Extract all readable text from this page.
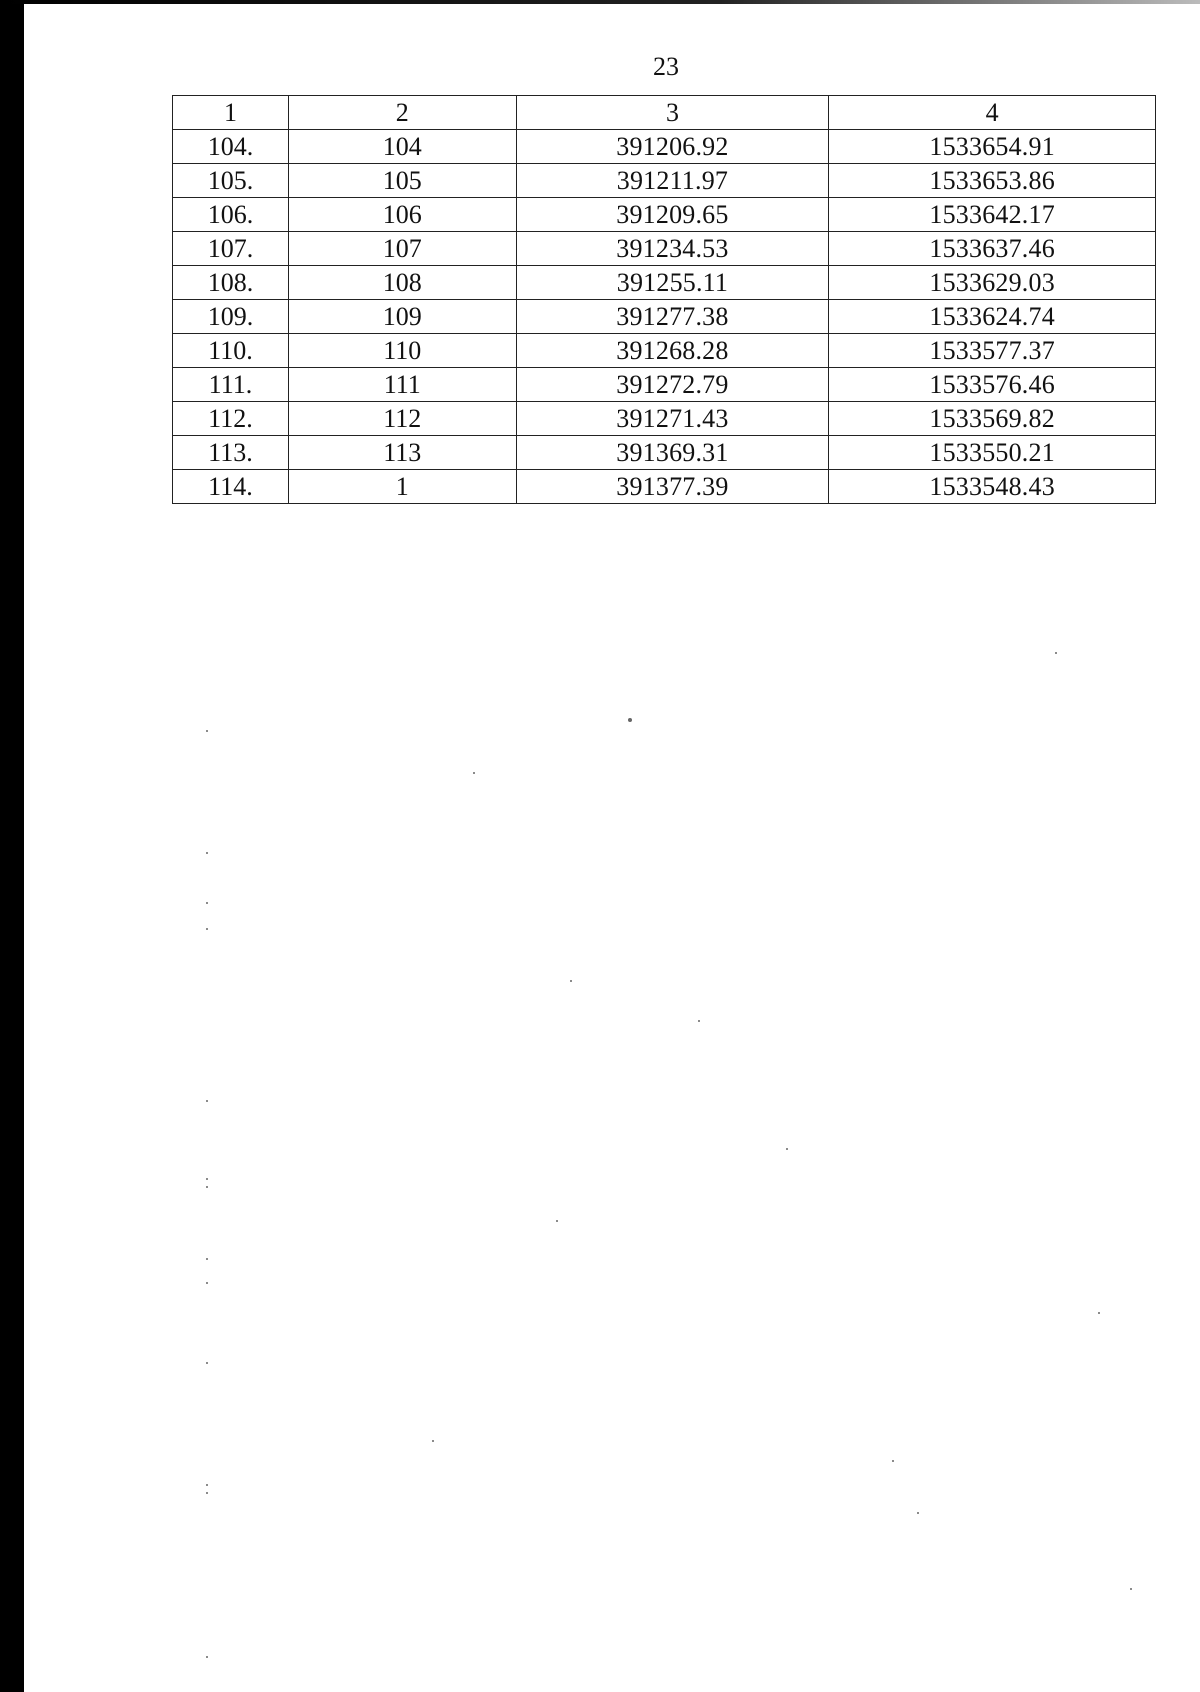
23
1	2	3	4
104.	104	391206.92	1533654.91
105.	105	391211.97	1533653.86
106.	106	391209.65	1533642.17
107.	107	391234.53	1533637.46
108.	108	391255.11	1533629.03
109.	109	391277.38	1533624.74
110.	110	391268.28	1533577.37
111.	111	391272.79	1533576.46
112.	112	391271.43	1533569.82
113.	113	391369.31	1533550.21
114.	1	391377.39	1533548.43
